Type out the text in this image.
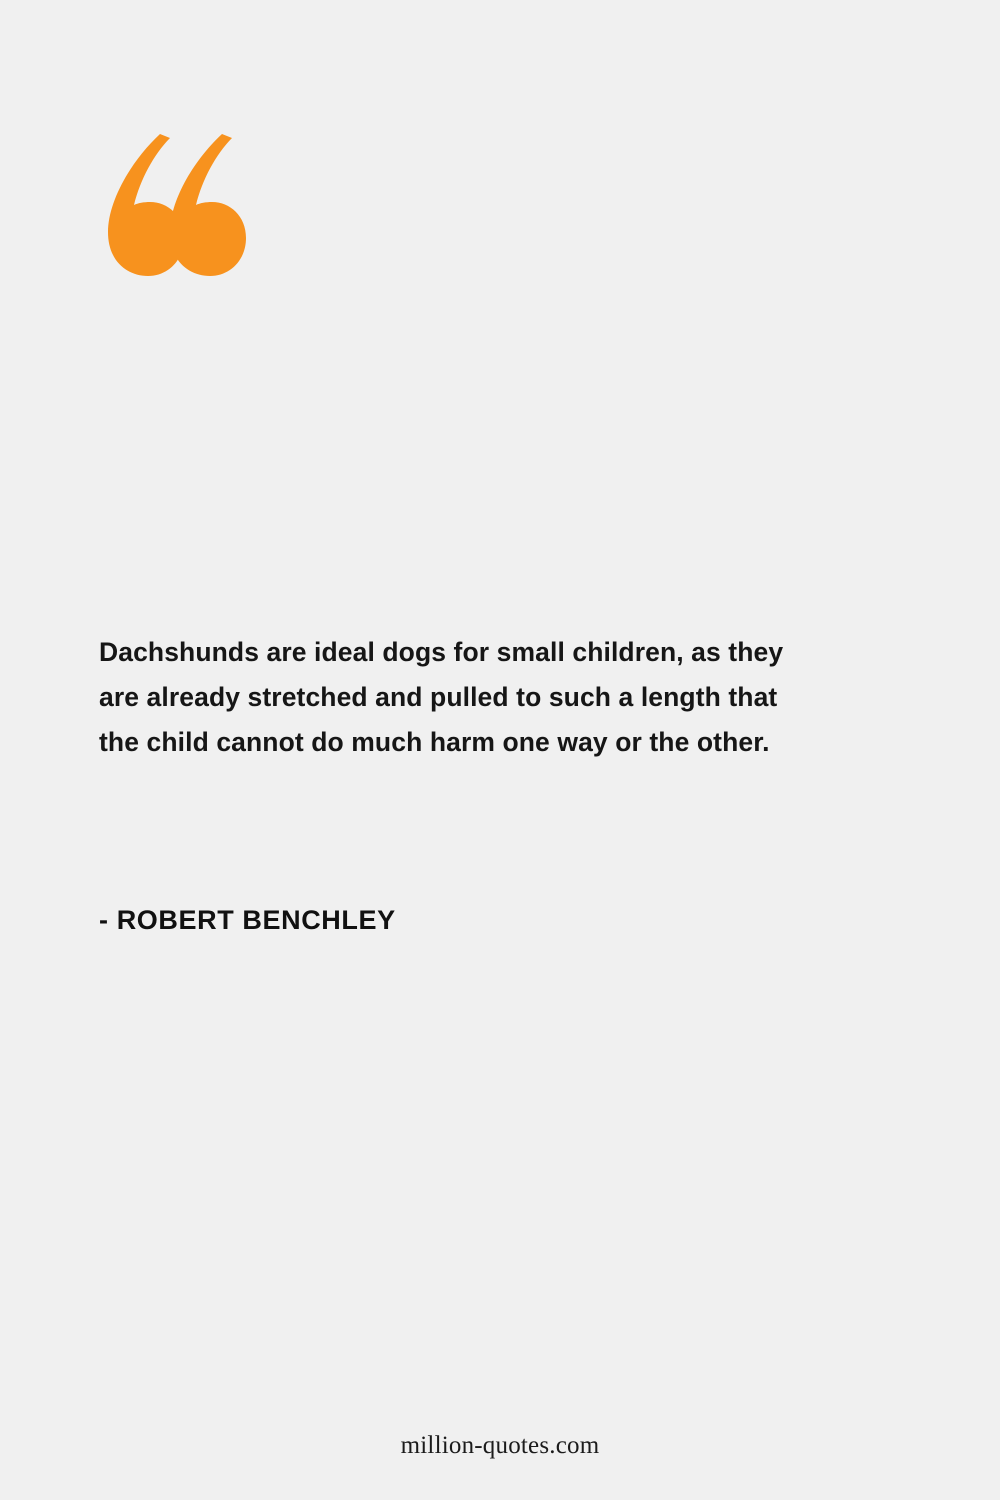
Dachshunds are ideal dogs for small children, as they are already stretched and pulled to such a length that the child cannot do much harm one way or the other.
- ROBERT BENCHLEY
million-quotes.com
